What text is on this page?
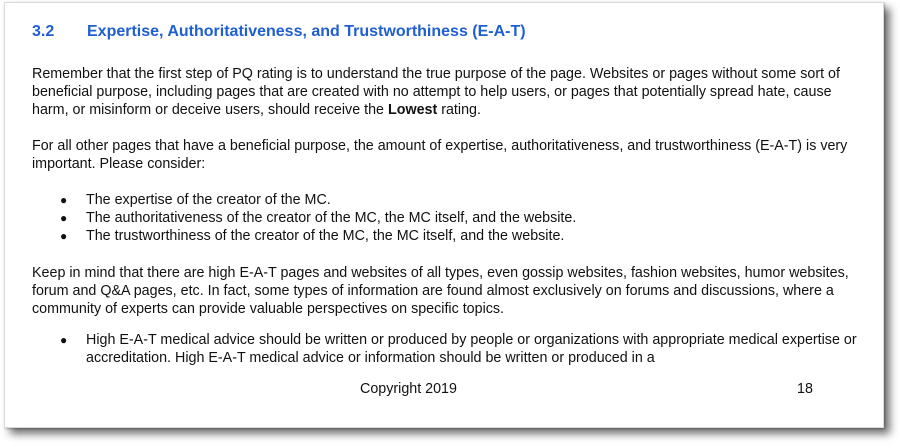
3.2 Expertise, Authoritativeness, and Trustworthiness (E-A-T)

Remember that the first step of PQ rating is to understand the true purpose of the page. Websites or pages without some sort of beneficial purpose, including pages that are created with no attempt to help users, or pages that potentially spread hate, cause harm, or misinform or deceive users, should receive the Lowest rating.

For all other pages that have a beneficial purpose, the amount of expertise, authoritativeness, and trustworthiness (E-A-T) is very important. Please consider:

● The expertise of the creator of the MC.
● The authoritativeness of the creator of the MC, the MC itself, and the website.
● The trustworthiness of the creator of the MC, the MC itself, and the website.

Keep in mind that there are high E-A-T pages and websites of all types, even gossip websites, fashion websites, humor websites, forum and Q&A pages, etc. In fact, some types of information are found almost exclusively on forums and discussions, where a community of experts can provide valuable perspectives on specific topics.

● High E-A-T medical advice should be written or produced by people or organizations with appropriate medical expertise or accreditation. High E-A-T medical advice or information should be written or produced in a
Copyright 2019	18
